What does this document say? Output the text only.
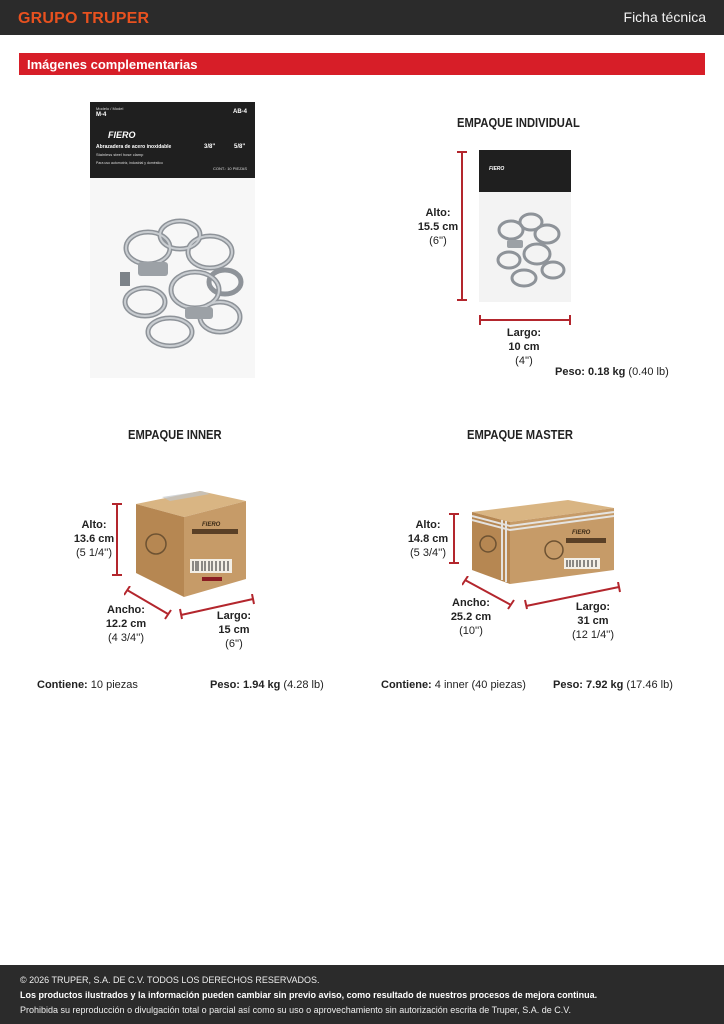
GRUPO TRUPER	Ficha técnica
Imágenes complementarias
Modelo / Model
M-4	AB-4
FIERO
Abrazadera de acero inoxidable
Stainless steel hose clamp
3/8"	5/8"
Para uso automotriz, industrial y doméstico
CONT.: 10 PIEZAS
EMPAQUE INDIVIDUAL
FIERO
Alto:
15.5 cm
(6'')
Largo:
10 cm
(4'')
Peso: 0.18 kg (0.40 lb)
EMPAQUE INNER
FIERO
Alto:
13.6 cm
(5 1/4'')
Ancho:
12.2 cm
(4 3/4'')
Largo:
15 cm
(6'')
Contiene: 10 piezas	Peso: 1.94 kg (4.28 lb)
EMPAQUE MASTER
FIERO
Alto:
14.8 cm
(5 3/4'')
Ancho:
25.2 cm
(10'')
Largo:
31 cm
(12 1/4'')
Contiene: 4 inner (40 piezas) Peso: 7.92 kg (17.46 lb)
© 2026 TRUPER, S.A. DE C.V. TODOS LOS DERECHOS RESERVADOS.
Los productos ilustrados y la información pueden cambiar sin previo aviso, como resultado de nuestros procesos de mejora continua.
Prohibida su reproducción o divulgación total o parcial así como su uso o aprovechamiento sin autorización escrita de Truper, S.A. de C.V.
